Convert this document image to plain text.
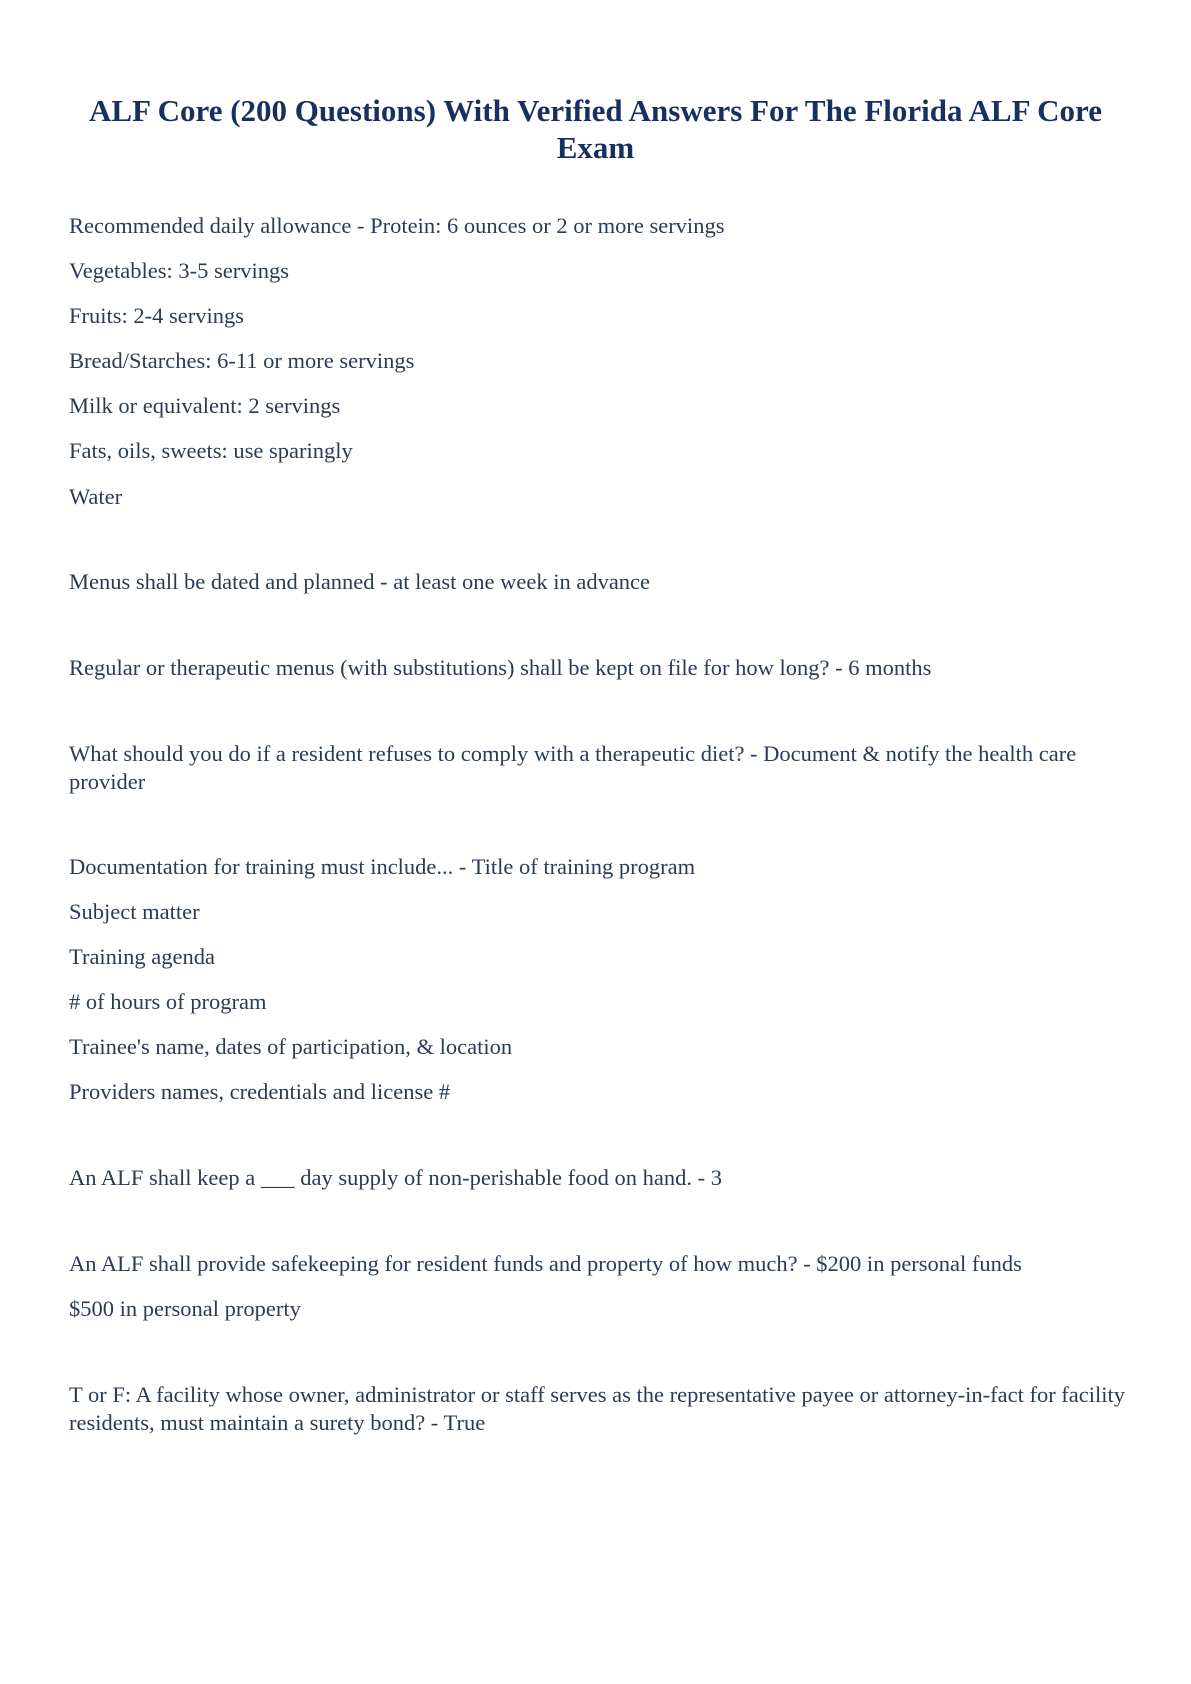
ALF Core (200 Questions) With Verified Answers For The Florida ALF Core Exam

Recommended daily allowance - Protein: 6 ounces or 2 or more servings

Vegetables: 3-5 servings

Fruits: 2-4 servings

Bread/Starches: 6-11 or more servings

Milk or equivalent: 2 servings

Fats, oils, sweets: use sparingly

Water

Menus shall be dated and planned - at least one week in advance

Regular or therapeutic menus (with substitutions) shall be kept on file for how long? - 6 months

What should you do if a resident refuses to comply with a therapeutic diet? - Document & notify the health care provider

Documentation for training must include... - Title of training program

Subject matter

Training agenda

# of hours of program

Trainee's name, dates of participation, & location

Providers names, credentials and license #

An ALF shall keep a ___ day supply of non-perishable food on hand. - 3

An ALF shall provide safekeeping for resident funds and property of how much? - $200 in personal funds

$500 in personal property

T or F: A facility whose owner, administrator or staff serves as the representative payee or attorney-in-fact for facility residents, must maintain a surety bond? - True
